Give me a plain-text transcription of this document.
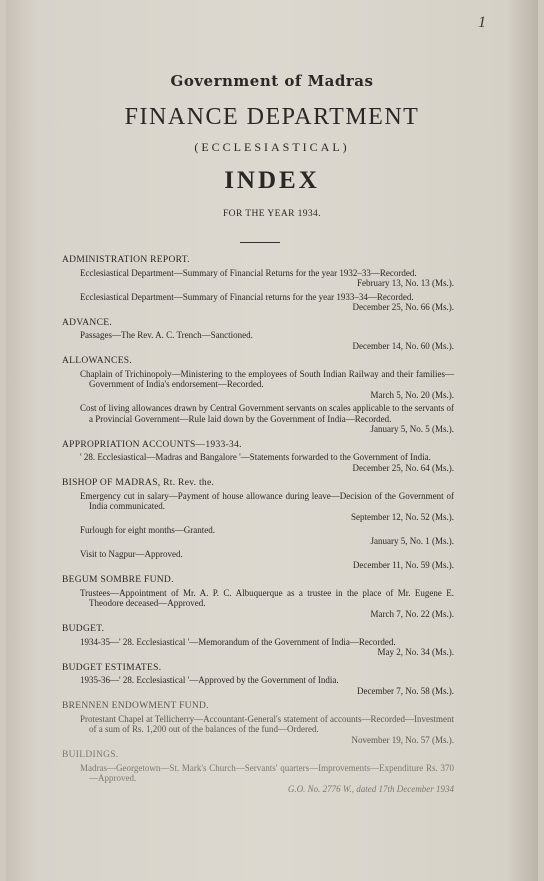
1
Government of Madras
FINANCE DEPARTMENT
(ECCLESIASTICAL)
INDEX
FOR THE YEAR 1934.
ADMINISTRATION REPORT.
Ecclesiastical Department—Summary of Financial Returns for the year 1932–33—Recorded.
February 13, No. 13 (Ms.).
Ecclesiastical Department—Summary of Financial returns for the year 1933–34—Recorded.
December 25, No. 66 (Ms.).
ADVANCE.
Passages—The Rev. A. C. Trench—Sanctioned.
December 14, No. 60 (Ms.).
ALLOWANCES.
Chaplain of Trichinopoly—Ministering to the employees of South Indian Railway and their families—Government of India's endorsement—Recorded.
March 5, No. 20 (Ms.).
Cost of living allowances drawn by Central Government servants on scales applicable to the servants of a Provincial Government—Rule laid down by the Government of India—Recorded.
January 5, No. 5 (Ms.).
APPROPRIATION ACCOUNTS—1933-34.
' 28. Ecclesiastical—Madras and Bangalore '—Statements forwarded to the Government of India.
December 25, No. 64 (Ms.).
BISHOP OF MADRAS, Rt. Rev. the.
Emergency cut in salary—Payment of house allowance during leave—Decision of the Government of India communicated.
September 12, No. 52 (Ms.).
Furlough for eight months—Granted.
January 5, No. 1 (Ms.).
Visit to Nagpur—Approved.
December 11, No. 59 (Ms.).
BEGUM SOMBRE FUND.
Trustees—Appointment of Mr. A. P. C. Albuquerque as a trustee in the place of Mr. Eugene E. Theodore deceased—Approved.
March 7, No. 22 (Ms.).
BUDGET.
1934-35—' 28. Ecclesiastical '—Memorandum of the Government of India—Recorded.
May 2, No. 34 (Ms.).
BUDGET ESTIMATES.
1935-36—' 28. Ecclesiastical '—Approved by the Government of India.
December 7, No. 58 (Ms.).
BRENNEN ENDOWMENT FUND.
Protestant Chapel at Tellicherry—Accountant-General's statement of accounts—Recorded—Investment of a sum of Rs. 1,200 out of the balances of the fund—Ordered.
November 19, No. 57 (Ms.).
BUILDINGS.
Madras—Georgetown—St. Mark's Church—Servants' quarters—Improvements—Expenditure Rs. 370—Approved.
G.O. No. 2776 W., dated 17th December 1934
